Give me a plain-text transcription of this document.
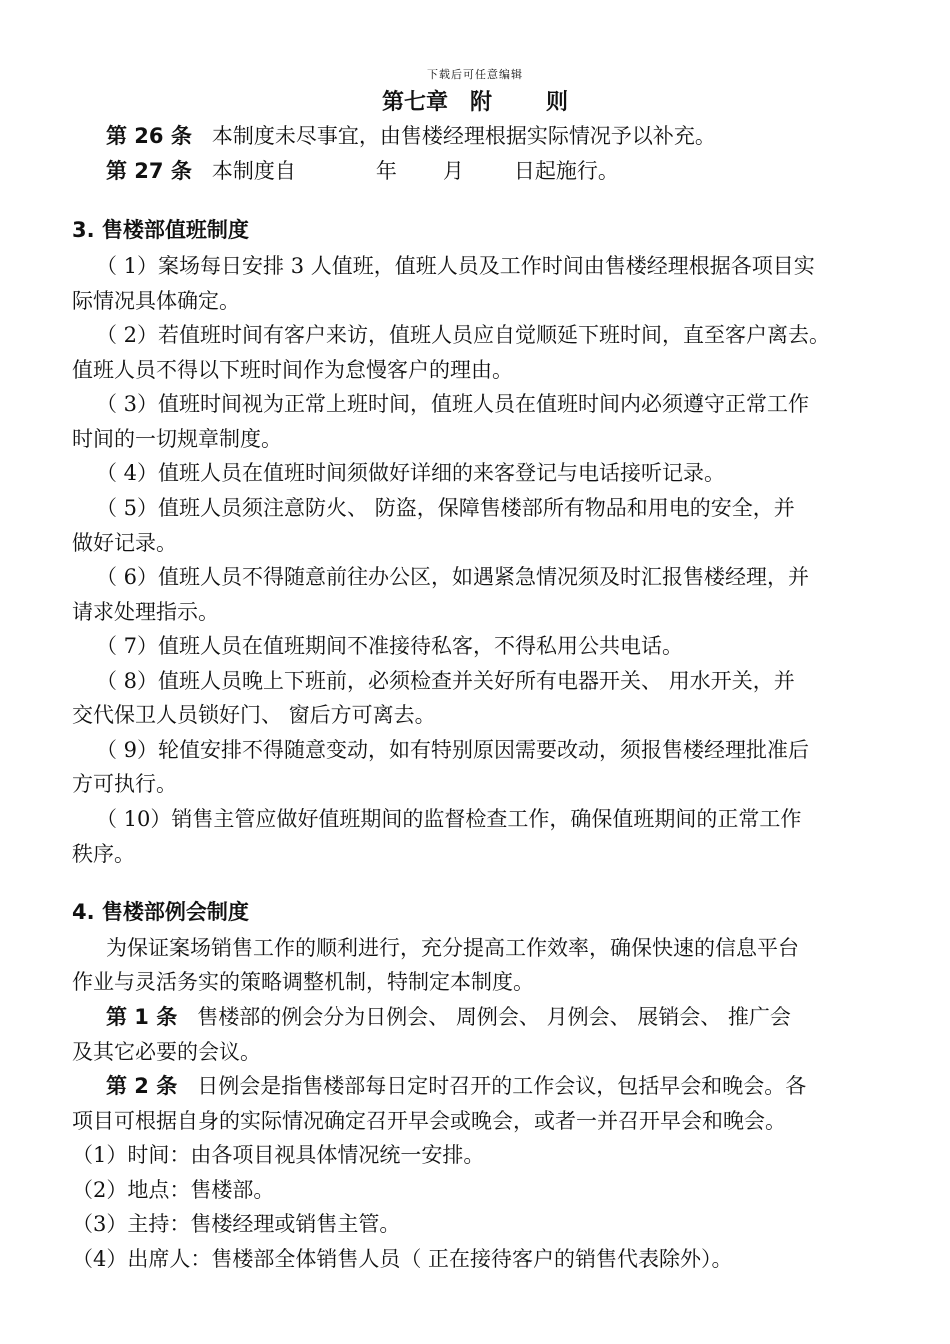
下载后可任意编辑
第七章 附 则
第 26 条 本制度未尽事宜，由售楼经理根据实际情况予以补充。
第 27 条 本制度自	年 月 日起施行。
3. 售楼部值班制度
（ 1）案场每日安排 3 人值班，值班人员及工作时间由售楼经理根据各项目实
际情况具体确定。
（ 2）若值班时间有客户来访，值班人员应自觉顺延下班时间，直至客户离去。
值班人员不得以下班时间作为怠慢客户的理由。
（ 3）值班时间视为正常上班时间，值班人员在值班时间内必须遵守正常工作
时间的一切规章制度。
（ 4）值班人员在值班时间须做好详细的来客登记与电话接听记录。
（ 5）值班人员须注意防火、 防盗，保障售楼部所有物品和用电的安全，并
做好记录。
（ 6）值班人员不得随意前往办公区，如遇紧急情况须及时汇报售楼经理，并
请求处理指示。
（ 7）值班人员在值班期间不准接待私客，不得私用公共电话。
（ 8）值班人员晚上下班前，必须检查并关好所有电器开关、 用水开关，并
交代保卫人员锁好门、 窗后方可离去。
（ 9）轮值安排不得随意变动，如有特别原因需要改动，须报售楼经理批准后
方可执行。
（ 10）销售主管应做好值班期间的监督检查工作，确保值班期间的正常工作
秩序。
4. 售楼部例会制度
为保证案场销售工作的顺利进行，充分提高工作效率，确保快速的信息平台
作业与灵活务实的策略调整机制，特制定本制度。
第 1 条 售楼部的例会分为日例会、 周例会、 月例会、 展销会、 推广会
及其它必要的会议。
第 2 条 日例会是指售楼部每日定时召开的工作会议，包括早会和晚会。各
项目可根据自身的实际情况确定召开早会或晚会，或者一并召开早会和晚会。
（1）时间：由各项目视具体情况统一安排。
（2）地点：售楼部。
（3）主持：售楼经理或销售主管。
（4）出席人：售楼部全体销售人员（ 正在接待客户的销售代表除外）。
